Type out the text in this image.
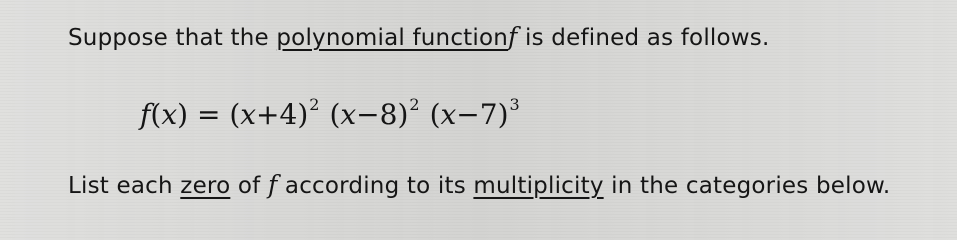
Suppose that the polynomial functionf is defined as follows.
$f(x) = (x+4)^2$ $(x-8)^2$ $(x-7)^3$
List each zero of f according to its multiplicity in the categories below.
